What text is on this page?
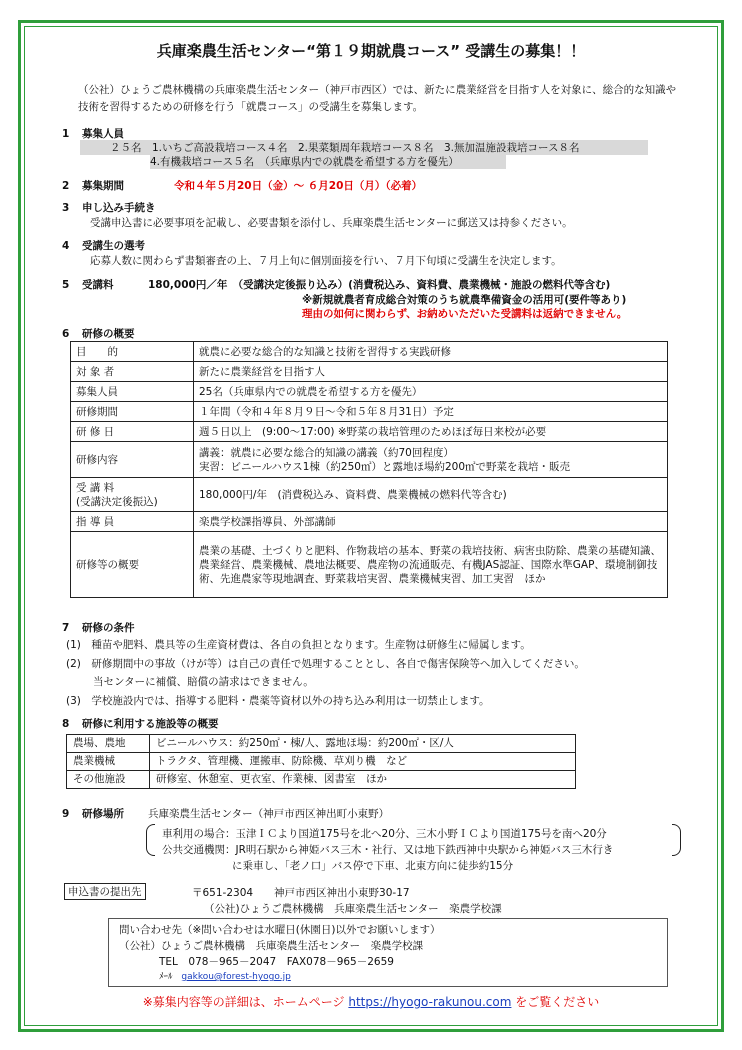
兵庫楽農生活センター“第１９期就農コース” 受講生の募集！！
（公社）ひょうご農林機構の兵庫楽農生活センター（神戸市西区）では、新たに農業経営を目指す人を対象に、総合的な知識や技術を習得するための研修を行う「就農コース」の受講生を募集します。
1 募集人員
２５名　1.いちご高設栽培コース４名　2.果菜類周年栽培コース８名　3.無加温施設栽培コース８名
4.有機栽培コース５名　（兵庫県内での就農を希望する方を優先）
2 募集期間	令和４年５月20日（金）～ ６月20日（月）（必着）
3 申し込み手続き
受講申込書に必要事項を記載し、必要書類を添付し、兵庫楽農生活センターに郵送又は持参ください。
4 受講生の選考
応募人数に関わらず書類審査の上、７月上旬に個別面接を行い、７月下旬頃に受講生を決定します。
5 受講料	180,000円／年　（受講決定後振り込み）(消費税込み、資料費、農業機械・施設の燃料代等含む)
※新規就農者育成総合対策のうち就農準備資金の活用可(要件等あり)
理由の如何に関わらず、お納めいただいた受講料は返納できません。
6 研修の概要
目　　的	就農に必要な総合的な知識と技術を習得する実践研修
対 象 者	新たに農業経営を目指す人
募集人員	25名（兵庫県内での就農を希望する方を優先）
研修期間	１年間（令和４年８月９日～令和５年８月31日）予定
研 修 日	週５日以上　(9:00～17:00) ※野菜の栽培管理のためほぼ毎日来校が必要
研修内容	講義：就農に必要な総合的知識の講義（約70回程度）
実習：ビニールハウス1棟（約250㎡）と露地ほ場約200㎡で野菜を栽培・販売

受 講 料
(受講決定後振込)	180,000円/年　(消費税込み、資料費、農業機械の燃料代等含む)
指 導 員	楽農学校課指導員、外部講師
研修等の概要	農業の基礎、土づくりと肥料、作物栽培の基本、野菜の栽培技術、病害虫防除、農業の基礎知識、農業経営、農業機械、農地法概要、農産物の流通販売、有機JAS認証、国際水準GAP、環境制御技術、先進農家等現地調査、野菜栽培実習、農業機械実習、加工実習　ほか
7 研修の条件
(1)　種苗や肥料、農具等の生産資材費は、各自の負担となります。生産物は研修生に帰属します。
(2)　研修期間中の事故（けが等）は自己の責任で処理することとし、各自で傷害保険等へ加入してください。
当センターに補償、賠償の請求はできません。
(3)　学校施設内では、指導する肥料・農薬等資材以外の持ち込み利用は一切禁止します。
8 研修に利用する施設等の概要
農場、農地	ビニールハウス：約250㎡・棟/人、露地ほ場：約200㎡・区/人
農業機械	トラクタ、管理機、運搬車、防除機、草刈り機　など
その他施設	研修室、休憩室、更衣室、作業棟、図書室　ほか
9 研修場所 兵庫楽農生活センター（神戸市西区神出町小東野）
車利用の場合：玉津ＩＣより国道175号を北へ20分、三木小野ＩＣより国道175号を南へ20分
公共交通機関：JR明石駅から神姫バス三木・社行、又は地下鉄西神中央駅から神姫バス三木行き
に乗車し、「老ノ口」バス停で下車、北東方向に徒歩約15分
申込書の提出先	〒651-2304　　神戸市西区神出小東野30-17
（公社)ひょうご農林機構　兵庫楽農生活センター　楽農学校課
問い合わせ先（※問い合わせは水曜日(休園日)以外でお願いします）
（公社）ひょうご農林機構　兵庫楽農生活センター　楽農学校課
TEL　078－965－2047　FAX078－965－2659
ﾒｰﾙ gakkou@forest-hyogo.jp
※募集内容等の詳細は、ホームページ https://hyogo-rakunou.com をご覧ください
